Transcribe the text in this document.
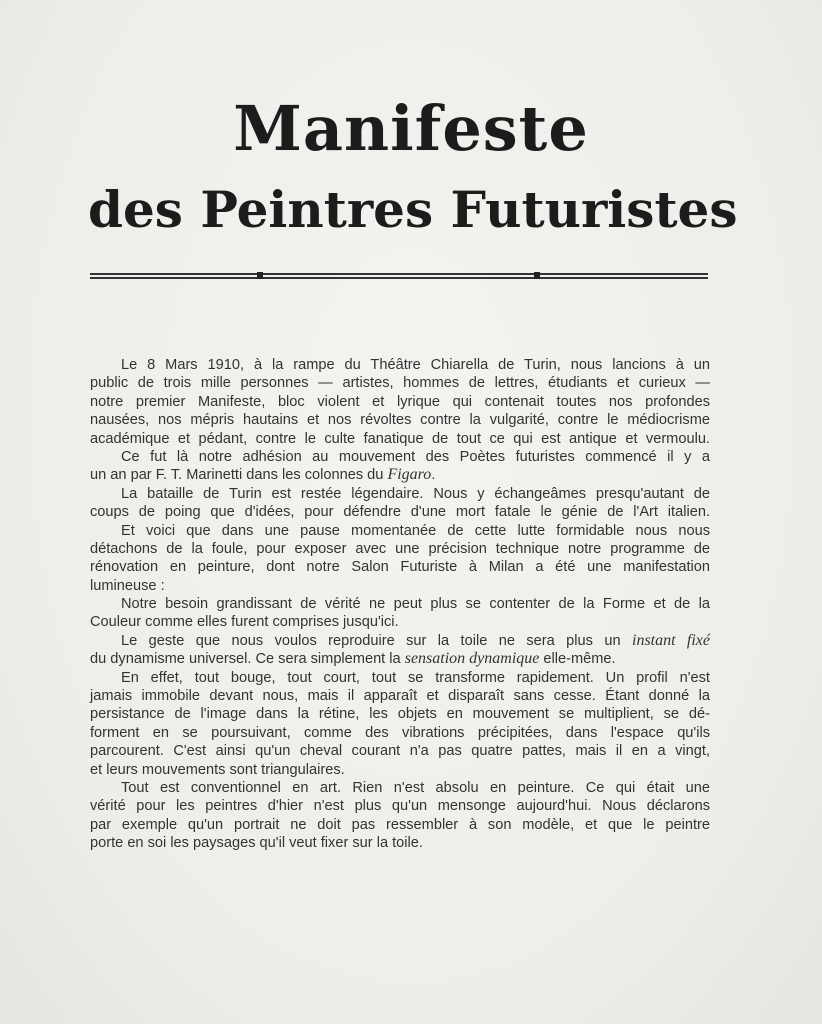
Manifeste
des Peintres Futuristes
Le 8 Mars 1910, à la rampe du Théâtre Chiarella de Turin, nous lancions à un
public de trois mille personnes — artistes, hommes de lettres, étudiants et curieux —
notre premier Manifeste, bloc violent et lyrique qui contenait toutes nos profondes
nausées, nos mépris hautains et nos révoltes contre la vulgarité, contre le médiocrisme
académique et pédant, contre le culte fanatique de tout ce qui est antique et vermoulu.
Ce fut là notre adhésion au mouvement des Poètes futuristes commencé il y a
un an par F. T. Marinetti dans les colonnes du Figaro.
La bataille de Turin est restée légendaire. Nous y échangeâmes presqu'autant de
coups de poing que d'idées, pour défendre d'une mort fatale le génie de l'Art italien.
Et voici que dans une pause momentanée de cette lutte formidable nous nous
détachons de la foule, pour exposer avec une précision technique notre programme de
rénovation en peinture, dont notre Salon Futuriste à Milan a été une manifestation
lumineuse :
Notre besoin grandissant de vérité ne peut plus se contenter de la Forme et de la
Couleur comme elles furent comprises jusqu'ici.
Le geste que nous voulos reproduire sur la toile ne sera plus un instant fixé
du dynamisme universel. Ce sera simplement la sensation dynamique elle-même.
En effet, tout bouge, tout court, tout se transforme rapidement. Un profil n'est
jamais immobile devant nous, mais il apparaît et disparaît sans cesse. Étant donné la
persistance de l'image dans la rétine, les objets en mouvement se multiplient, se dé-
forment en se poursuivant, comme des vibrations précipitées, dans l'espace qu'ils
parcourent. C'est ainsi qu'un cheval courant n'a pas quatre pattes, mais il en a vingt,
et leurs mouvements sont triangulaires.
Tout est conventionnel en art. Rien n'est absolu en peinture. Ce qui était une
vérité pour les peintres d'hier n'est plus qu'un mensonge aujourd'hui. Nous déclarons
par exemple qu'un portrait ne doit pas ressembler à son modèle, et que le peintre
porte en soi les paysages qu'il veut fixer sur la toile.
